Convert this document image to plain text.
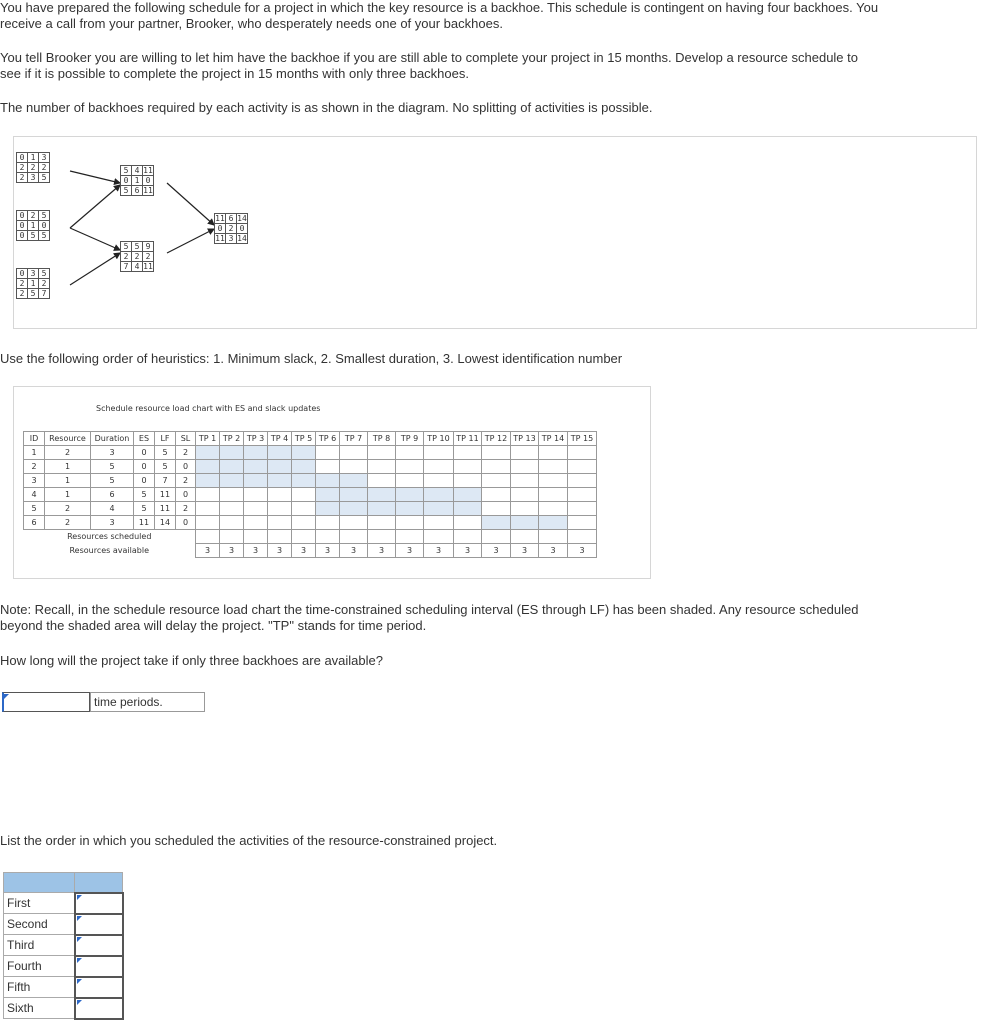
You have prepared the following schedule for a project in which the key resource is a backhoe. This schedule is contingent on having four backhoes. You receive a call from your partner, Brooker, who desperately needs one of your backhoes.

You tell Brooker you are willing to let him have the backhoe if you are still able to complete your project in 15 months. Develop a resource schedule to see if it is possible to complete the project in 15 months with only three backhoes.

The number of backhoes required by each activity is as shown in the diagram. No splitting of activities is possible.

0	1	3
2	2	2
2	3	5
0	2	5
0	1	0
0	5	5
0	3	5
2	1	2
2	5	7
5	4	11
0	1	0
5	6	11
5	5	9
2	2	2
7	4	11
11	6	14
0	2	0
11	3	14

Use the following order of heuristics: 1. Minimum slack, 2. Smallest duration, 3. Lowest identification number

Schedule resource load chart with ES and slack updates
ID	Resource	Duration	ES	LF	SL	TP 1	TP 2	TP 3	TP 4	TP 5	TP 6	TP 7	TP 8	TP 9	TP 10	TP 11	TP 12	TP 13	TP 14	TP 15
1	2	3	0	5	2															
2	1	5	0	5	0															
3	1	5	0	7	2															
4	1	6	5	11	0															
5	2	4	5	11	2															
6	2	3	11	14	0															
Resources scheduled																				
Resources available						3	3	3	3	3	3	3	3	3	3	3	3	3	3	3

Note: Recall, in the schedule resource load chart the time-constrained scheduling interval (ES through LF) has been shaded. Any resource scheduled beyond the shaded area will delay the project. "TP" stands for time period.

How long will the project take if only three backhoes are available?

time periods.

List the order in which you scheduled the activities of the resource-constrained project.

First	

Second	

Third	

Fourth	

Fifth	

Sixth	
